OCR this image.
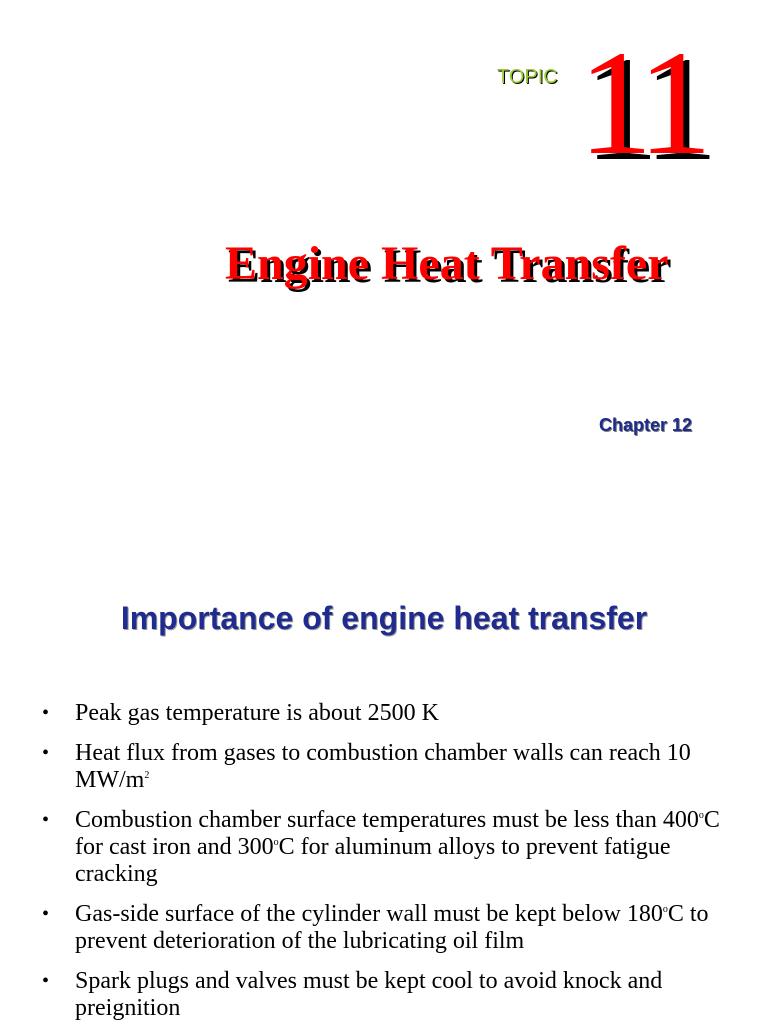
TOPIC 11
Engine Heat Transfer
Chapter 12
Importance of engine heat transfer
• Peak gas temperature is about 2500 K
• Heat flux from gases to combustion chamber walls can reach 10 $MW/m^2$
• Combustion chamber surface temperatures must be less than 400$^o$C for cast iron and 300$^o$C for aluminum alloys to prevent fatigue cracking
• Gas-side surface of the cylinder wall must be kept below 180$^o$C to prevent deterioration of the lubricating oil film
• Spark plugs and valves must be kept cool to avoid knock and preignition
